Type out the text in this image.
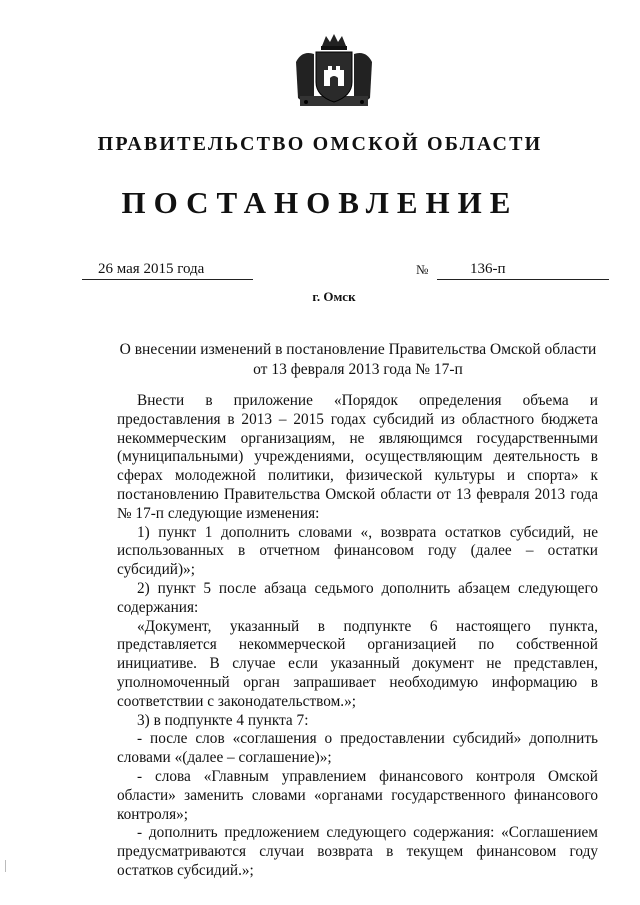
ПРАВИТЕЛЬСТВО ОМСКОЙ ОБЛАСТИ
ПОСТАНОВЛЕНИЕ
26 мая 2015 года	№	136-п
г. Омск
О внесении изменений в постановление Правительства Омской области
от 13 февраля 2013 года № 17-п

Внести в приложение «Порядок определения объема и предоставления в 2013 – 2015 годах субсидий из областного бюджета некоммерческим организациям, не являющимся государственными (муниципальными) учреждениями, осуществляющим деятельность в сферах молодежной политики, физической культуры и спорта» к постановлению Правительства Омской области от 13 февраля 2013 года № 17-п следующие изменения:

1) пункт 1 дополнить словами «, возврата остатков субсидий, не использованных в отчетном финансовом году (далее – остатки субсидий)»;

2) пункт 5 после абзаца седьмого дополнить абзацем следующего содержания:

«Документ, указанный в подпункте 6 настоящего пункта, представляется некоммерческой организацией по собственной инициативе. В случае если указанный документ не представлен, уполномоченный орган запрашивает необходимую информацию в соответствии с законодательством.»;

3) в подпункте 4 пункта 7:

- после слов «соглашения о предоставлении субсидий» дополнить словами «(далее – соглашение)»;

- слова «Главным управлением финансового контроля Омской области» заменить словами «органами государственного финансового контроля»;

- дополнить предложением следующего содержания: «Соглашением предусматриваются случаи возврата в текущем финансовом году остатков субсидий.»;
